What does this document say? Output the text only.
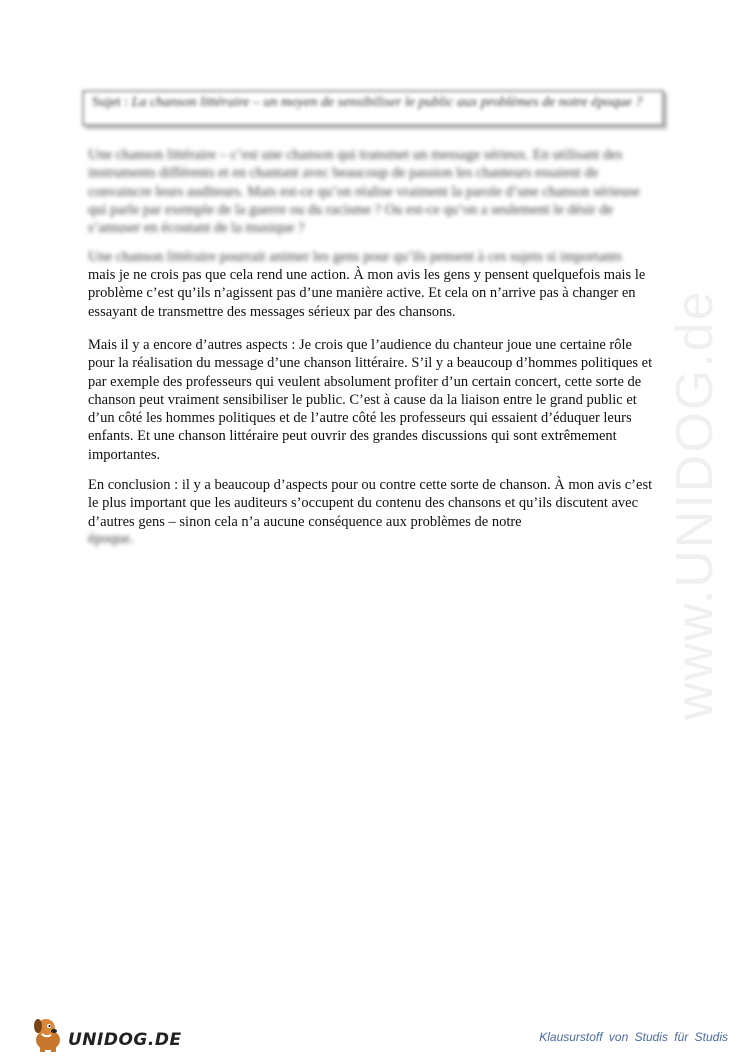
Sujet : La chanson littéraire – un moyen de sensibiliser le public aux problèmes de notre époque ?

Une chanson littéraire – c’est une chanson qui transmet un message sérieux. En utilisant des instruments différents et en chantant avec beaucoup de passion les chanteurs essaient de convaincre leurs auditeurs. Mais est-ce qu’on réalise vraiment la parole d’une chanson sérieuse qui parle par exemple de la guerre ou du racisme ? Ou est-ce qu’on a seulement le désir de s’amuser en écoutant de la musique ?

Une chanson littéraire pourrait animer les gens pour qu’ils pensent à ces sujets si importants

mais je ne crois pas que cela rend une action. À mon avis les gens y pensent quelquefois mais le problème c’est qu’ils n’agissent pas d’une manière active. Et cela on n’arrive pas à changer en essayant de transmettre des messages sérieux par des chansons.

Mais il y a encore d’autres aspects : Je crois que l’audience du chanteur joue une certaine rôle pour la réalisation du message d’une chanson littéraire. S’il y a beaucoup d’hommes politiques et par exemple des professeurs qui veulent absolument profiter d’un certain concert, cette sorte de chanson peut vraiment sensibiliser le public. C’est à cause da la liaison entre le grand public et d’un côté les hommes politiques et de l’autre côté les professeurs qui essaient d’éduquer leurs enfants. Et une chanson littéraire peut ouvrir des grandes discussions qui sont extrêmement importantes.

En conclusion : il y a beaucoup d’aspects pour ou contre cette sorte de chanson. À mon avis c’est le plus important que les auditeurs s’occupent du contenu des chansons et qu’ils discutent avec d’autres gens – sinon cela n’a aucune conséquence aux problèmes de notre

époque.	www.UNIDOG.de
UNIDOG.DE	Klausurstoff von Studis für Studis
